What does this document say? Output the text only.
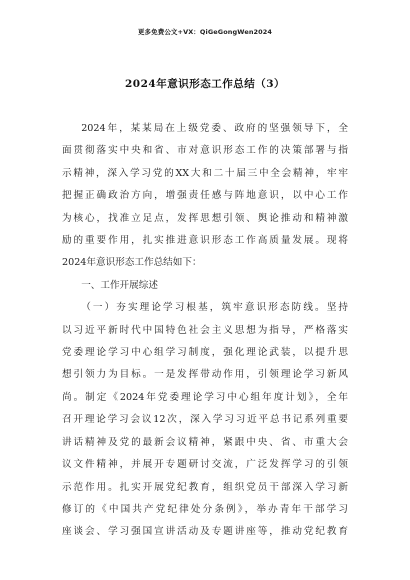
更多免费公文+VX：QiGeGongWen2024
2024年意识形态工作总结（3）
2024年，某某局在上级党委、政府的坚强领导下，全
面贯彻落实中央和省、市对意识形态工作的决策部署与指
示精神，深入学习党的XX大和二十届三中全会精神，牢牢
把握正确政治方向，增强责任感与阵地意识，以中心工作
为核心，找准立足点，发挥思想引领、舆论推动和精神激
励的重要作用，扎实推进意识形态工作高质量发展。现将
2024年意识形态工作总结如下：
一、工作开展综述
（一）夯实理论学习根基，筑牢意识形态防线。坚持
以习近平新时代中国特色社会主义思想为指导，严格落实
党委理论学习中心组学习制度，强化理论武装，以提升思
想引领力为目标。一是发挥带动作用，引领理论学习新风
尚。制定《2024年党委理论学习中心组年度计划》，全年
召开理论学习会议12次，深入学习习近平总书记系列重要
讲话精神及党的最新会议精神，紧跟中央、省、市重大会
议文件精神，并展开专题研讨交流，广泛发挥学习的引领
示范作用。扎实开展党纪教育，组织党员干部深入学习新
修订的《中国共产党纪律处分条例》，举办青年干部学习
座谈会、学习强国宣讲活动及专题讲座等，推动党纪教育
